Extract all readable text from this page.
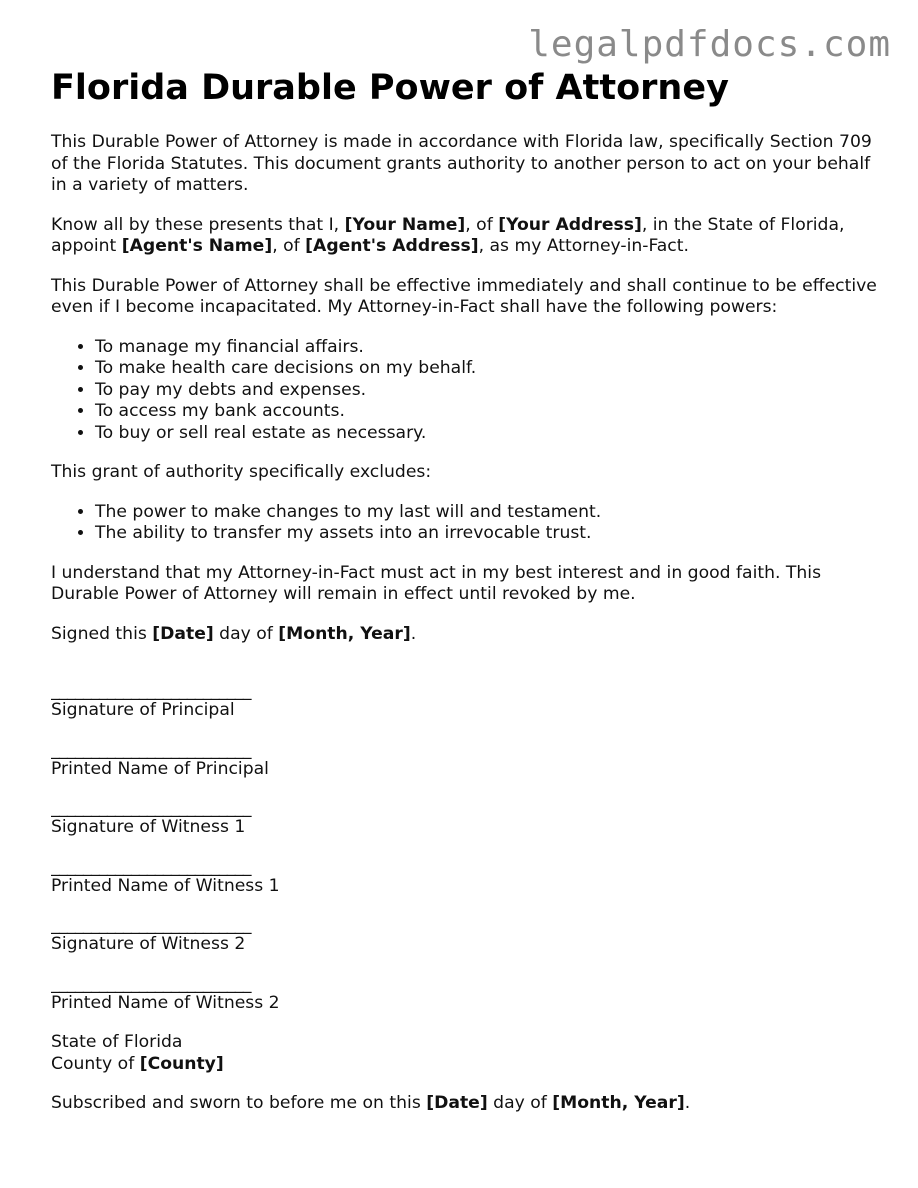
legalpdfdocs.com
Florida Durable Power of Attorney

This Durable Power of Attorney is made in accordance with Florida law, specifically Section 709 of the Florida Statutes. This document grants authority to another person to act on your behalf in a variety of matters.

Know all by these presents that I, [Your Name], of [Your Address], in the State of Florida, appoint [Agent's Name], of [Agent's Address], as my Attorney-in-Fact.

This Durable Power of Attorney shall be effective immediately and shall continue to be effective even if I become incapacitated. My Attorney-in-Fact shall have the following powers:

• To manage my financial affairs.
• To make health care decisions on my behalf.
• To pay my debts and expenses.
• To access my bank accounts.
• To buy or sell real estate as necessary.

This grant of authority specifically excludes:

• The power to make changes to my last will and testament.
• The ability to transfer my assets into an irrevocable trust.

I understand that my Attorney-in-Fact must act in my best interest and in good faith. This Durable Power of Attorney will remain in effect until revoked by me.

Signed this [Date] day of [Month, Year].

_________________________
Signature of Principal
_________________________
Printed Name of Principal
_________________________
Signature of Witness 1
_________________________
Printed Name of Witness 1
_________________________
Signature of Witness 2
_________________________
Printed Name of Witness 2
State of Florida
County of [County]

Subscribed and sworn to before me on this [Date] day of [Month, Year].
